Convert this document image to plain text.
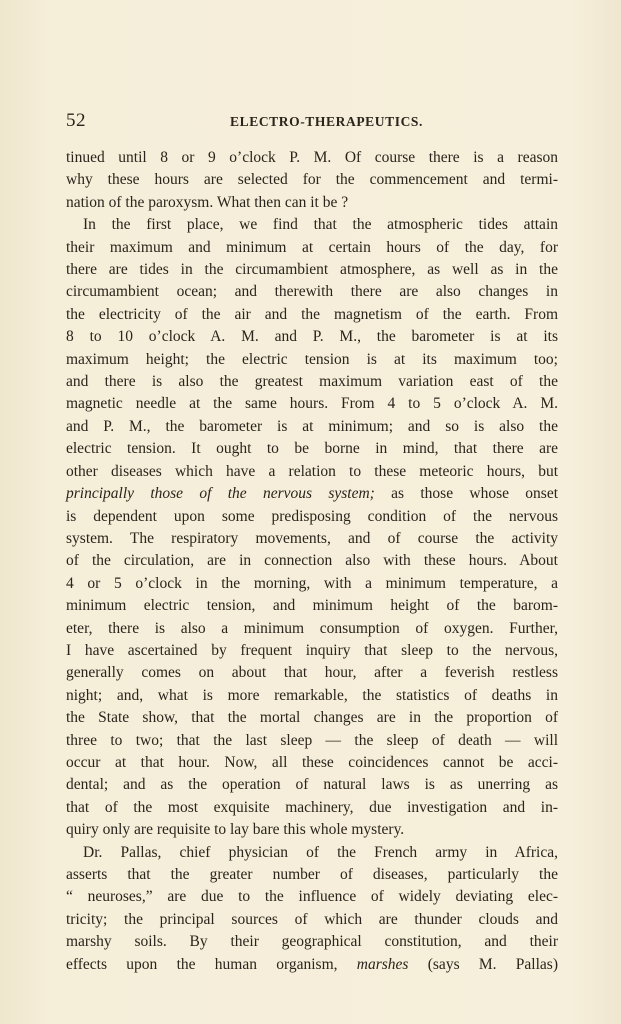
52	ELECTRO-THERAPEUTICS.

tinued until 8 or 9 o’clock P. M. Of course there is a reason
why these hours are selected for the commencement and termi-
nation of the paroxysm. What then can it be ?

In the first place, we find that the atmospheric tides attain
their maximum and minimum at certain hours of the day, for
there are tides in the circumambient atmosphere, as well as in the
circumambient ocean; and therewith there are also changes in
the electricity of the air and the magnetism of the earth. From
8 to 10 o’clock A. M. and P. M., the barometer is at its
maximum height; the electric tension is at its maximum too;
and there is also the greatest maximum variation east of the
magnetic needle at the same hours. From 4 to 5 o’clock A. M.
and P. M., the barometer is at minimum; and so is also the
electric tension. It ought to be borne in mind, that there are
other diseases which have a relation to these meteoric hours, but
principally those of the nervous system; as those whose onset
is dependent upon some predisposing condition of the nervous
system. The respiratory movements, and of course the activity
of the circulation, are in connection also with these hours. About
4 or 5 o’clock in the morning, with a minimum temperature, a
minimum electric tension, and minimum height of the barom-
eter, there is also a minimum consumption of oxygen. Further,
I have ascertained by frequent inquiry that sleep to the nervous,
generally comes on about that hour, after a feverish restless
night; and, what is more remarkable, the statistics of deaths in
the State show, that the mortal changes are in the proportion of
three to two; that the last sleep — the sleep of death — will
occur at that hour. Now, all these coincidences cannot be acci-
dental; and as the operation of natural laws is as unerring as
that of the most exquisite machinery, due investigation and in-
quiry only are requisite to lay bare this whole mystery.

Dr. Pallas, chief physician of the French army in Africa,
asserts that the greater number of diseases, particularly the
“ neuroses,” are due to the influence of widely deviating elec-
tricity; the principal sources of which are thunder clouds and
marshy soils. By their geographical constitution, and their
effects upon the human organism, marshes (says M. Pallas)
